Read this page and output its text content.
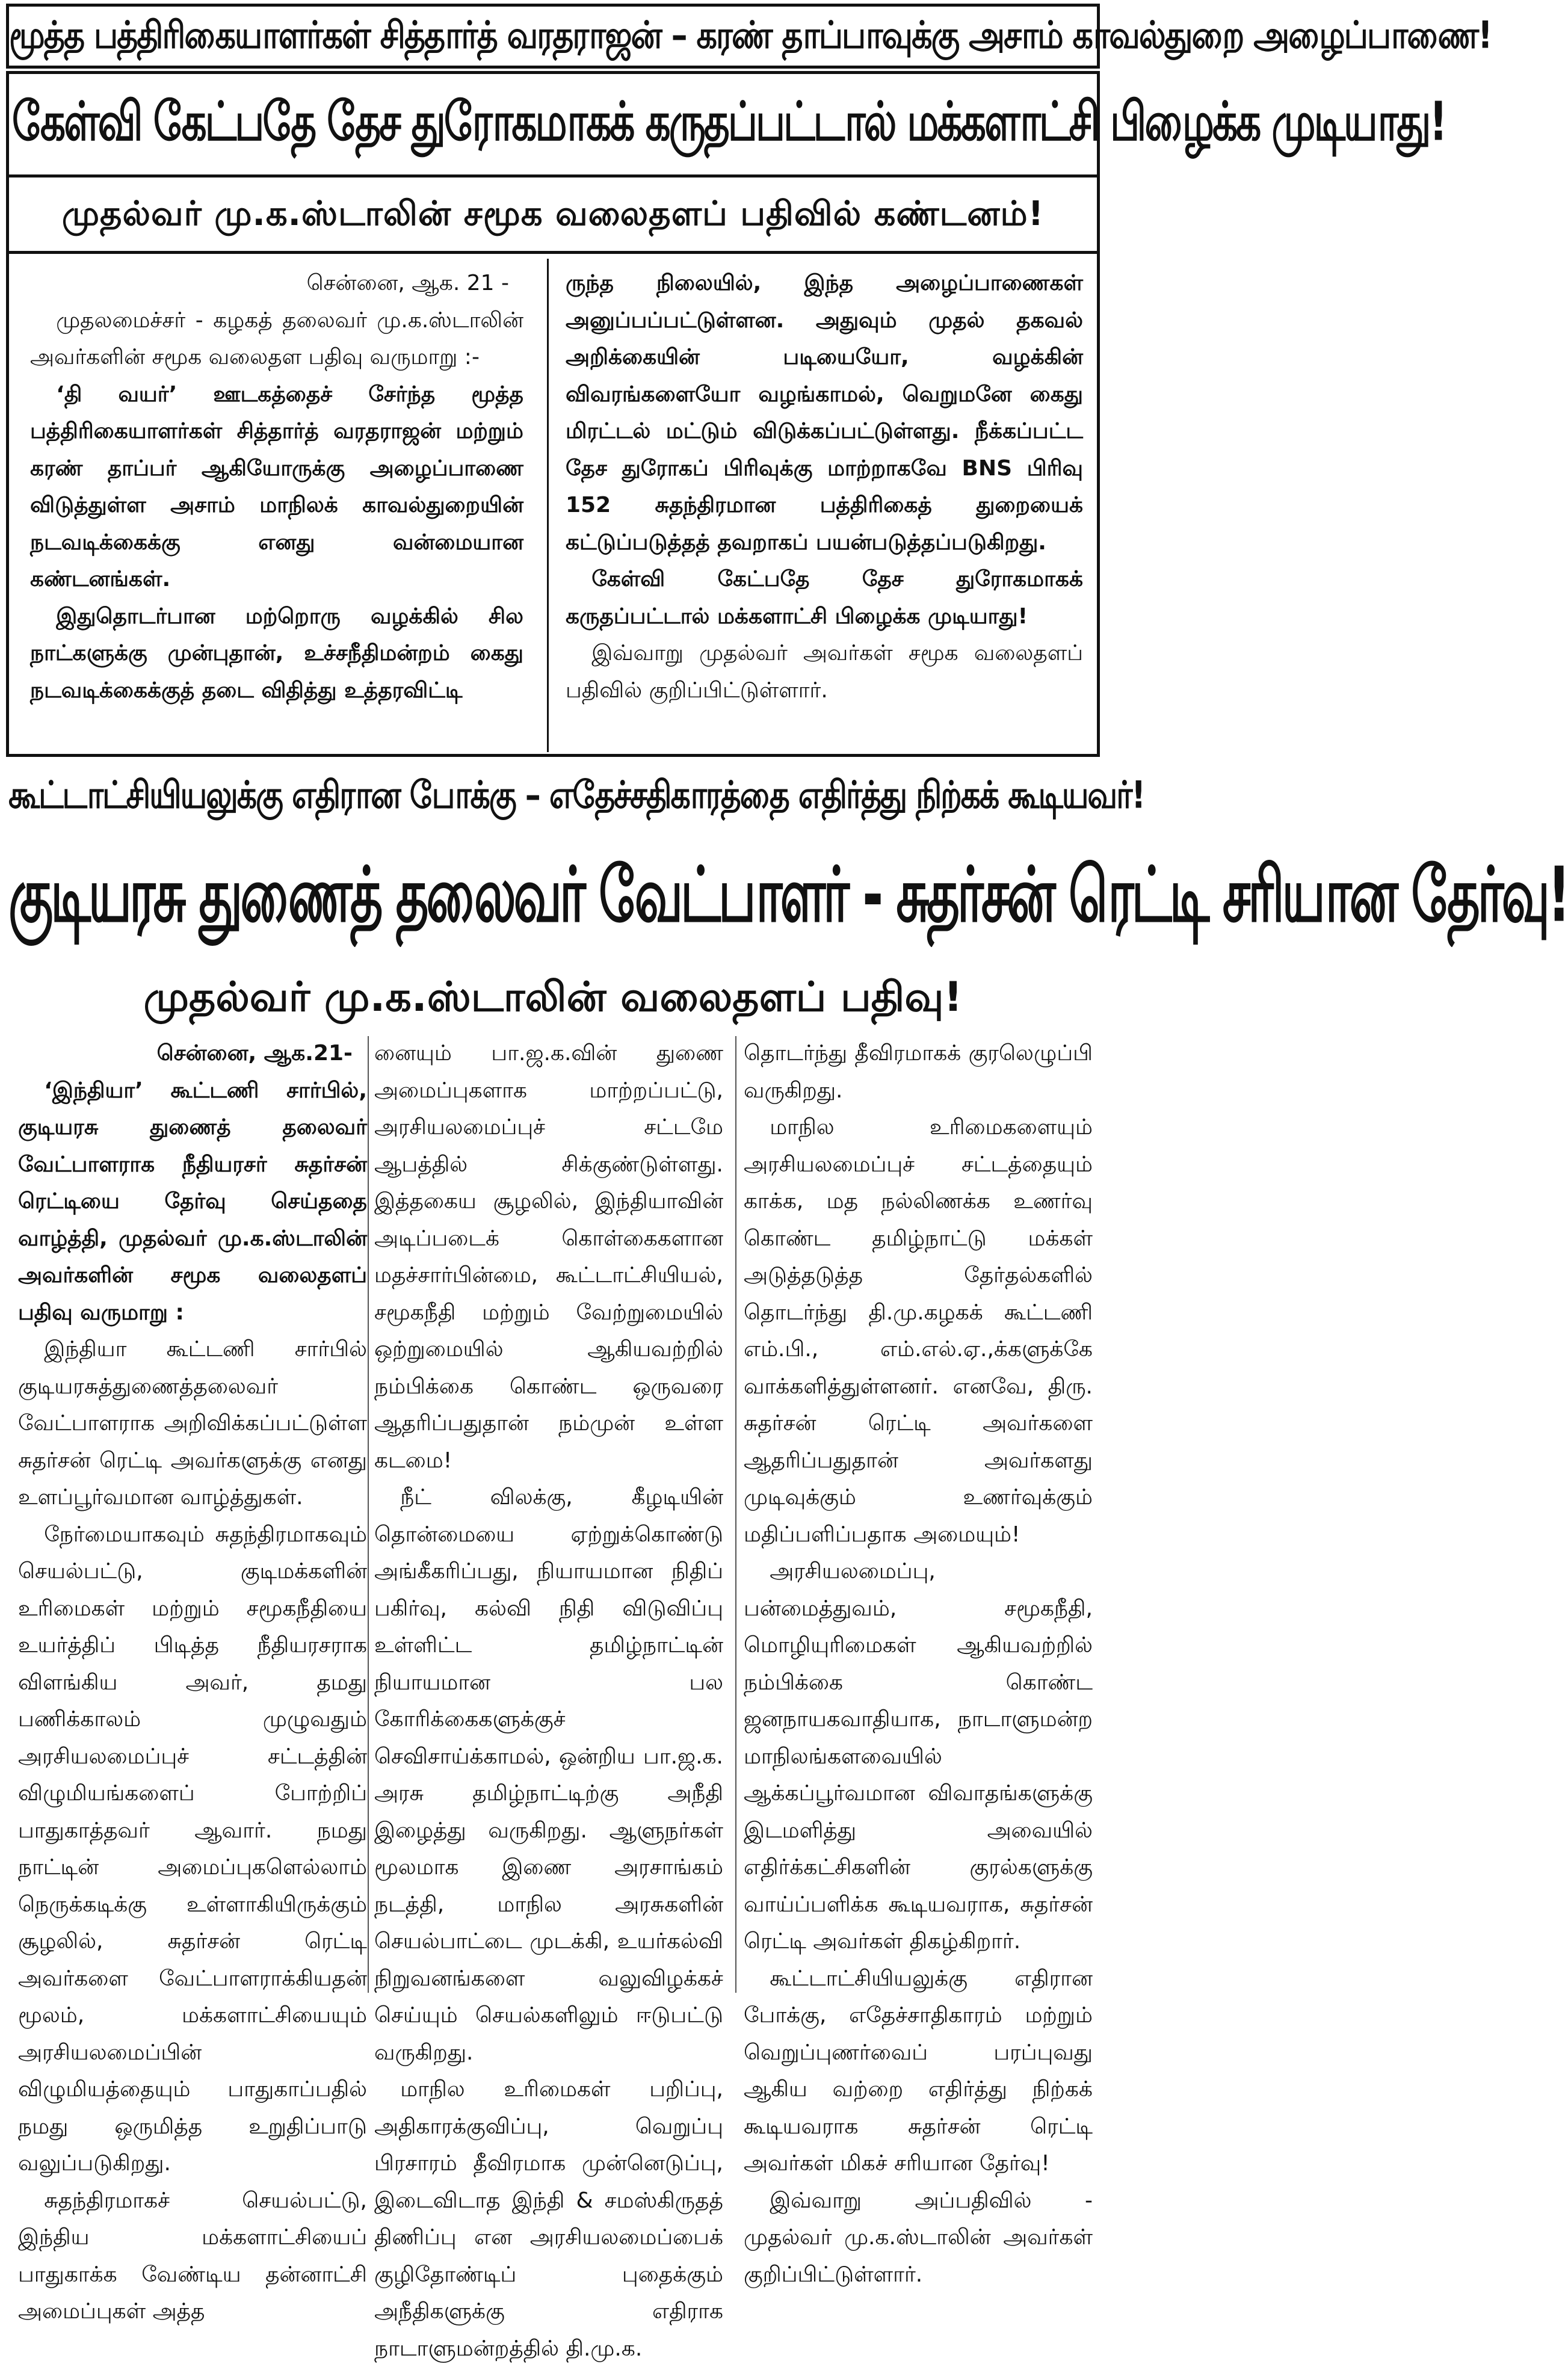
மூத்த பத்திரிகையாளர்கள் சித்தார்த் வரதராஜன் – கரண் தாப்பாவுக்கு அசாம் காவல்துறை அழைப்பாணை!
கேள்வி கேட்பதே தேச துரோகமாகக் கருதப்பட்டால் மக்களாட்சி பிழைக்க முடியாது!
முதல்வர் மு.க.ஸ்டாலின் சமூக வலைதளப் பதிவில் கண்டனம்!

சென்னை, ஆக. 21 -

முதலமைச்சர் - கழகத் தலைவர் மு.க.ஸ்டாலின் அவர்களின் சமூக வலைதள பதிவு வருமாறு :-

‘தி வயர்’ ஊடகத்தைச் சேர்ந்த மூத்த பத்திரிகையாளர்கள் சித்தார்த் வரதராஜன் மற்றும் கரண் தாப்பர் ஆகியோருக்கு அழைப்பாணை விடுத்துள்ள அசாம் மாநிலக் காவல்துறையின் நடவடிக்கைக்கு எனது வன்மையான கண்டனங்கள்.

இதுதொடர்பான மற்றொரு வழக்கில் சில நாட்களுக்கு முன்புதான், உச்சநீதிமன்றம் கைது நடவடிக்கைக்குத் தடை விதித்து உத்தரவிட்டி

ருந்த நிலையில், இந்த அழைப்பாணைகள் அனுப்பப்பட்டுள்ளன. அதுவும் முதல் தகவல் அறிக்கையின் படியையோ, வழக்கின் விவரங்களையோ வழங்காமல், வெறுமனே கைது மிரட்டல் மட்டும் விடுக்கப்பட்டுள்ளது. நீக்கப்பட்ட தேச துரோகப் பிரிவுக்கு மாற்றாகவே BNS பிரிவு 152 சுதந்திரமான பத்திரிகைத் துறையைக் கட்டுப்படுத்தத் தவறாகப் பயன்படுத்தப்படுகிறது.

கேள்வி கேட்பதே தேச துரோகமாகக் கருதப்பட்டால் மக்களாட்சி பிழைக்க முடியாது!

இவ்வாறு முதல்வர் அவர்கள் சமூக வலைதளப் பதிவில் குறிப்பிட்டுள்ளார்.

கூட்டாட்சியியலுக்கு எதிரான போக்கு – எதேச்சதிகாரத்தை எதிர்த்து நிற்கக் கூடியவர்!
குடியரசு துணைத் தலைவர் வேட்பாளர் - சுதர்சன் ரெட்டி சரியான தேர்வு!
முதல்வர் மு.க.ஸ்டாலின் வலைதளப் பதிவு!

சென்னை, ஆக.21-

‘இந்தியா’ கூட்டணி சார்பில், குடியரசு துணைத் தலைவர் வேட்பாளராக நீதியரசர் சுதர்சன் ரெட்டியை தேர்வு செய்ததை வாழ்த்தி, முதல்வர் மு.க.ஸ்டாலின் அவர்களின் சமூக வலைதளப் பதிவு வருமாறு :

இந்தியா கூட்டணி சார்பில் குடியரசுத்துணைத்தலைவர் வேட்பாளராக அறிவிக்கப்பட்டுள்ள சுதர்சன் ரெட்டி அவர்களுக்கு எனது உளப்பூர்வமான வாழ்த்துகள்.

நேர்மையாகவும் சுதந்திரமாகவும் செயல்பட்டு, குடிமக்களின் உரிமைகள் மற்றும் சமூகநீதியை உயர்த்திப் பிடித்த நீதியரசராக விளங்கிய அவர், தமது பணிக்காலம் முழுவதும் அரசியலமைப்புச் சட்டத்தின் விழுமியங்களைப் போற்றிப் பாதுகாத்தவர் ஆவார். நமது நாட்டின் அமைப்புகளெல்லாம் நெருக்கடிக்கு உள்ளாகியிருக்கும் சூழலில், சுதர்சன் ரெட்டி அவர்களை வேட்பாளராக்கியதன் மூலம், மக்களாட்சியையும் அரசியலமைப்பின் விழுமியத்தையும் பாதுகாப்பதில் நமது ஒருமித்த உறுதிப்பாடு வலுப்படுகிறது.

சுதந்திரமாகச் செயல்பட்டு, இந்திய மக்களாட்சியைப் பாதுகாக்க வேண்டிய தன்னாட்சி அமைப்புகள் அத்த

னையும் பா.ஜ.க.வின் துணை அமைப்புகளாக மாற்றப்பட்டு, அரசியலமைப்புச் சட்டமே ஆபத்தில் சிக்குண்டுள்ளது. இத்தகைய சூழலில், இந்தியாவின் அடிப்படைக் கொள்கைகளான மதச்சார்பின்மை, கூட்டாட்சியியல், சமூகநீதி மற்றும் வேற்றுமையில் ஒற்றுமையில் ஆகியவற்றில் நம்பிக்கை கொண்ட ஒருவரை ஆதரிப்பதுதான் நம்முன் உள்ள கடமை!

நீட் விலக்கு, கீழடியின் தொன்மையை ஏற்றுக்கொண்டு அங்கீகரிப்பது, நியாயமான நிதிப் பகிர்வு, கல்வி நிதி விடுவிப்பு உள்ளிட்ட தமிழ்நாட்டின் நியாயமான பல கோரிக்கைகளுக்குச் செவிசாய்க்காமல், ஒன்றிய பா.ஜ.க. அரசு தமிழ்நாட்டிற்கு அநீதி இழைத்து வருகிறது. ஆளுநர்கள் மூலமாக இணை அரசாங்கம் நடத்தி, மாநில அரசுகளின் செயல்பாட்டை முடக்கி, உயர்கல்வி நிறுவனங்களை வலுவிழக்கச் செய்யும் செயல்களிலும் ஈடுபட்டு வருகிறது.

மாநில உரிமைகள் பறிப்பு, அதிகாரக்குவிப்பு, வெறுப்பு பிரசாரம் தீவிரமாக முன்னெடுப்பு, இடைவிடாத இந்தி & சமஸ்கிருதத் திணிப்பு என அரசியலமைப்பைக் குழிதோண்டிப் புதைக்கும் அநீதிகளுக்கு எதிராக நாடாளுமன்றத்தில் தி.மு.க.

தொடர்ந்து தீவிரமாகக் குரலெழுப்பி வருகிறது.

மாநில உரிமைகளையும் அரசியலமைப்புச் சட்டத்தையும் காக்க, மத நல்லிணக்க உணர்வு கொண்ட தமிழ்நாட்டு மக்கள் அடுத்தடுத்த தேர்தல்களில் தொடர்ந்து தி.மு.கழகக் கூட்டணி எம்.பி., எம்.எல்.ஏ.,க்களுக்கே வாக்களித்துள்ளனர். எனவே, திரு. சுதர்சன் ரெட்டி அவர்களை ஆதரிப்பதுதான் அவர்களது முடிவுக்கும் உணர்வுக்கும் மதிப்பளிப்பதாக அமையும்!

அரசியலமைப்பு, பன்மைத்துவம், சமூகநீதி, மொழியுரிமைகள் ஆகியவற்றில் நம்பிக்கை கொண்ட ஜனநாயகவாதியாக, நாடாளுமன்ற மாநிலங்களவையில் ஆக்கப்பூர்வமான விவாதங்களுக்கு இடமளித்து அவையில் எதிர்க்கட்சிகளின் குரல்களுக்கு வாய்ப்பளிக்க கூடியவராக, சுதர்சன் ரெட்டி அவர்கள் திகழ்கிறார்.

கூட்டாட்சியியலுக்கு எதிரான போக்கு, எதேச்சாதிகாரம் மற்றும் வெறுப்புணர்வைப் பரப்புவது ஆகிய வற்றை எதிர்த்து நிற்கக் கூடியவராக சுதர்சன் ரெட்டி அவர்கள் மிகச் சரியான தேர்வு!

இவ்வாறு அப்பதிவில் - முதல்வர் மு.க.ஸ்டாலின் அவர்கள் குறிப்பிட்டுள்ளார்.
